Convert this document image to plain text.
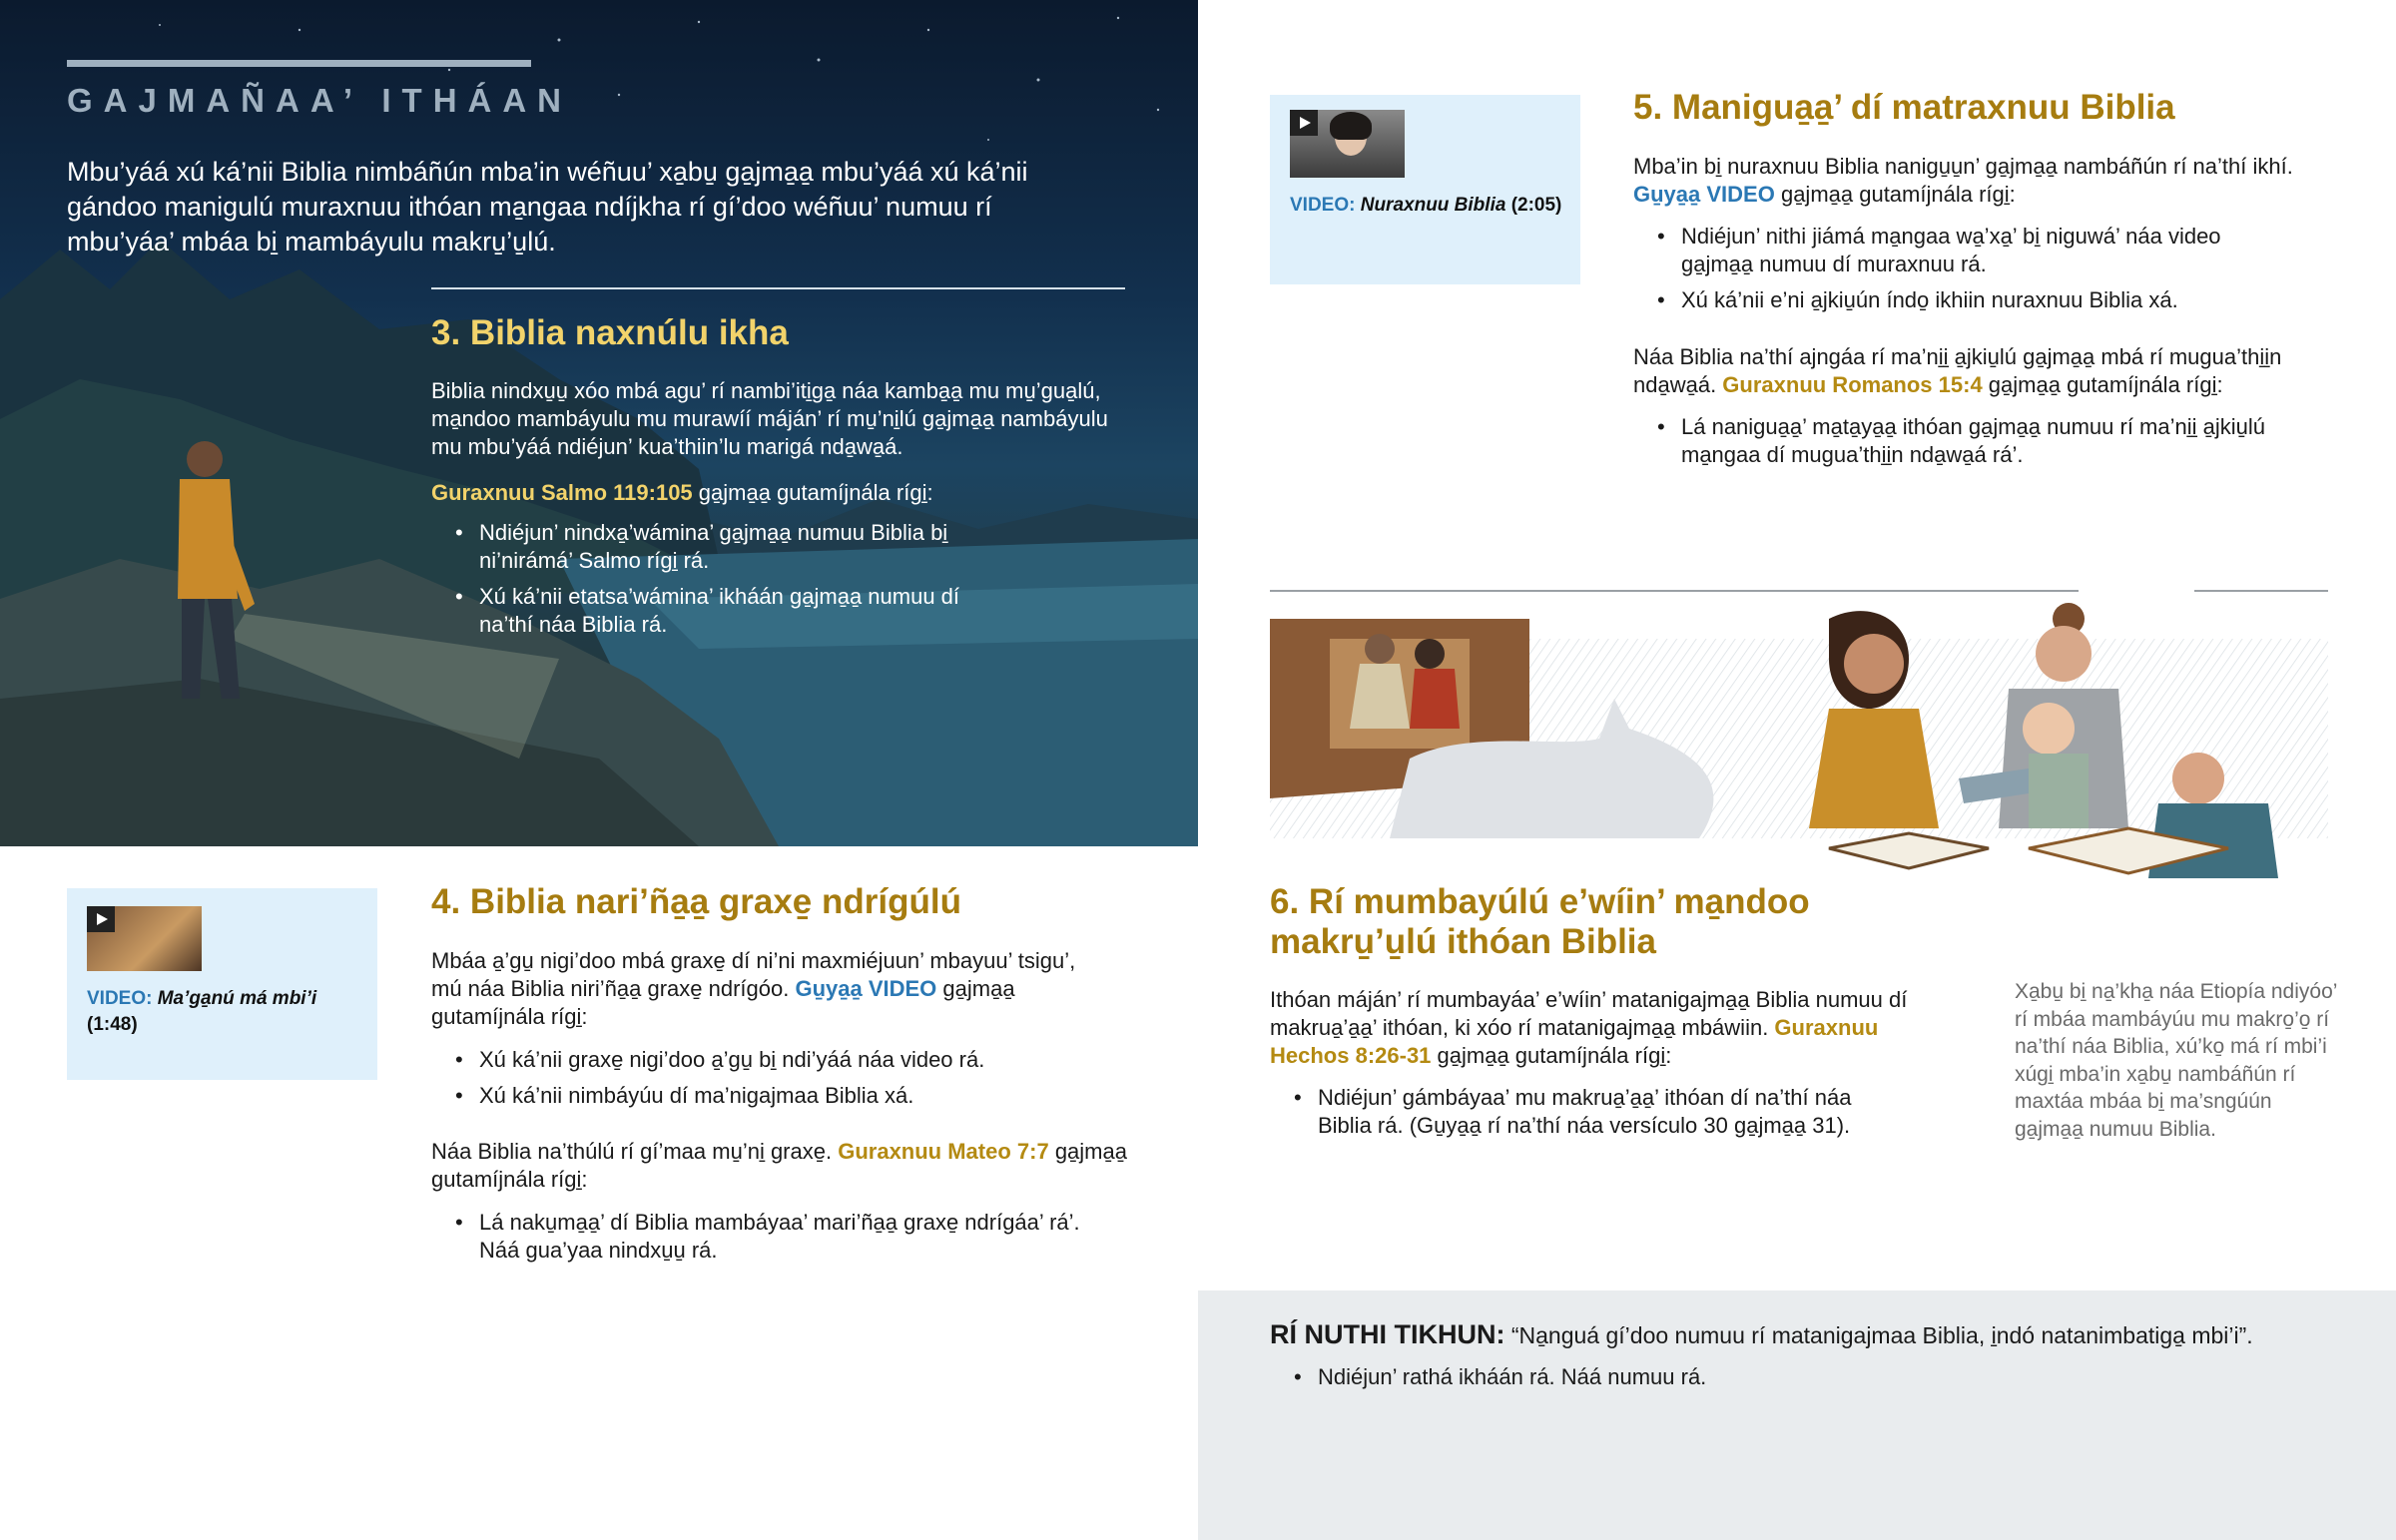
GAJMAÑAA’ ITHÁAN
Mbu’yáá xú ká’nii Biblia nimbáñún mba’in wéñuu’ xa̱bu̱ ga̱jma̱a̱ mbu’yáá xú ká’nii gándoo manigulú muraxnuu ithóan ma̱ngaa ndíjkha rí gí’doo wéñuu’ numuu rí mbu’yáa’ mbáa bi̱ mambáyulu makru̱’u̱lú.
3. Biblia naxnúlu ikha
Biblia nindxu̱u̱ xóo mbá agu’ rí nambi’iti̱ga̱ náa kamba̱a̱ mu mu̱’gua̱lú, ma̱ndoo mambáyulu mu murawíí máján’ rí mu̱’ni̱lú ga̱jma̱a̱ nambáyulu mu mbu’yáá ndiéjun’ kua’thiin’lu marigá nda̱wa̱á.
Guraxnuu Salmo 119:105 ga̱jma̱a̱ gutamíjnála rígi̱:
• Ndiéjun’ nindxa̱’wámina’ ga̱jma̱a̱ numuu Biblia bi̱ ni’nirámá’ Salmo rígi̱ rá.
• Xú ká’nii etatsa’wámina’ ikháán ga̱jma̱a̱ numuu dí na’thí náa Biblia rá.
VIDEO: Ma’ga̱nú má mbi’i
(1:48)
4. Biblia nari’ña̱a̱ graxe̱ ndrígúlú
Mbáa a̱’gu̱ nigi’doo mbá graxe̱ dí ni’ni maxmiéjuun’ mbayuu’ tsigu’, mú náa Biblia niri’ña̱a̱ graxe̱ ndrígóo. Gu̱ya̱a̱ VIDEO ga̱jma̱a̱ gutamíjnála rígi̱:
• Xú ká’nii graxe̱ nigi’doo a̱’gu̱ bi̱ ndi’yáá náa video rá.
• Xú ká’nii nimbáyúu dí ma’nigajmaa Biblia xá.
Náa Biblia na’thúlú rí gí’maa mu̱’ni̱ graxe̱. Guraxnuu Mateo 7:7 ga̱jma̱a̱ gutamíjnála rígi̱:
• Lá naku̱ma̱a̱’ dí Biblia mambáyaa’ mari’ña̱a̱ graxe̱ ndrígáa’ rá’. Náá gua’yaa nindxu̱u̱ rá.
VIDEO: Nuraxnuu Biblia (2:05)
5. Manigua̱a̱’ dí matraxnuu Biblia
Mba’in bi̱ nuraxnuu Biblia nanigu̱u̱n’ ga̱jma̱a̱ nambáñún rí na’thí ikhí. Gu̱ya̱a̱ VIDEO ga̱jma̱a̱ gutamíjnála rígi̱:
• Ndiéjun’ nithi jiámá ma̱ngaa wa̱’xa̱’ bi̱ niguwá’ náa video ga̱jma̱a̱ numuu dí muraxnuu rá.
• Xú ká’nii e’ni a̱jkiu̱ún índo̱ ikhiin nuraxnuu Biblia xá.
Náa Biblia na’thí ajngáa rí ma’ni̱i̱ a̱jkiu̱lú ga̱jma̱a̱ mbá rí mugua’thi̱i̱n nda̱wa̱á. Guraxnuu Romanos 15:4 ga̱jma̱a̱ gutamíjnála rígi̱:
• Lá nanigua̱a̱’ ma̱ta̱ya̱a̱ ithóan ga̱jma̱a̱ numuu rí ma’ni̱i̱ a̱jkiu̱lú ma̱ngaa dí mugua’thi̱i̱n nda̱wa̱á rá’.
6. Rí mumbayúlú e’wíin’ ma̱ndoo makru̱’u̱lú ithóan Biblia
Ithóan máján’ rí mumbayáa’ e’wíin’ matanigajma̱a̱ Biblia numuu dí makrua̱’a̱a̱’ ithóan, ki xóo rí matanigajma̱a̱ mbáwiin. Guraxnuu Hechos 8:26-31 ga̱jma̱a̱ gutamíjnála rígi̱:
• Ndiéjun’ gámbáyaa’ mu makrua̱’a̱a̱’ ithóan dí na’thí náa Biblia rá. (Gu̱ya̱a̱ rí na’thí náa versículo 30 ga̱jma̱a̱ 31).
Xa̱bu̱ bi̱ na̱’kha̱ náa Etiopía ndiyóo’ rí mbáa mambáyúu mu makro̱’o̱ rí na’thí náa Biblia, xú’ko̱ má rí mbi’i xúgi̱ mba’in xa̱bu̱ nambáñún rí maxtáa mbáa bi̱ ma’sngúún ga̱jma̱a̱ numuu Biblia.
RÍ NUTHI TIKHUN: “Na̱nguá gí’doo numuu rí matanigajmaa Biblia, i̱ndó natanimbatiga̱ mbi’i”.
• Ndiéjun’ rathá ikháán rá. Náá numuu rá.
